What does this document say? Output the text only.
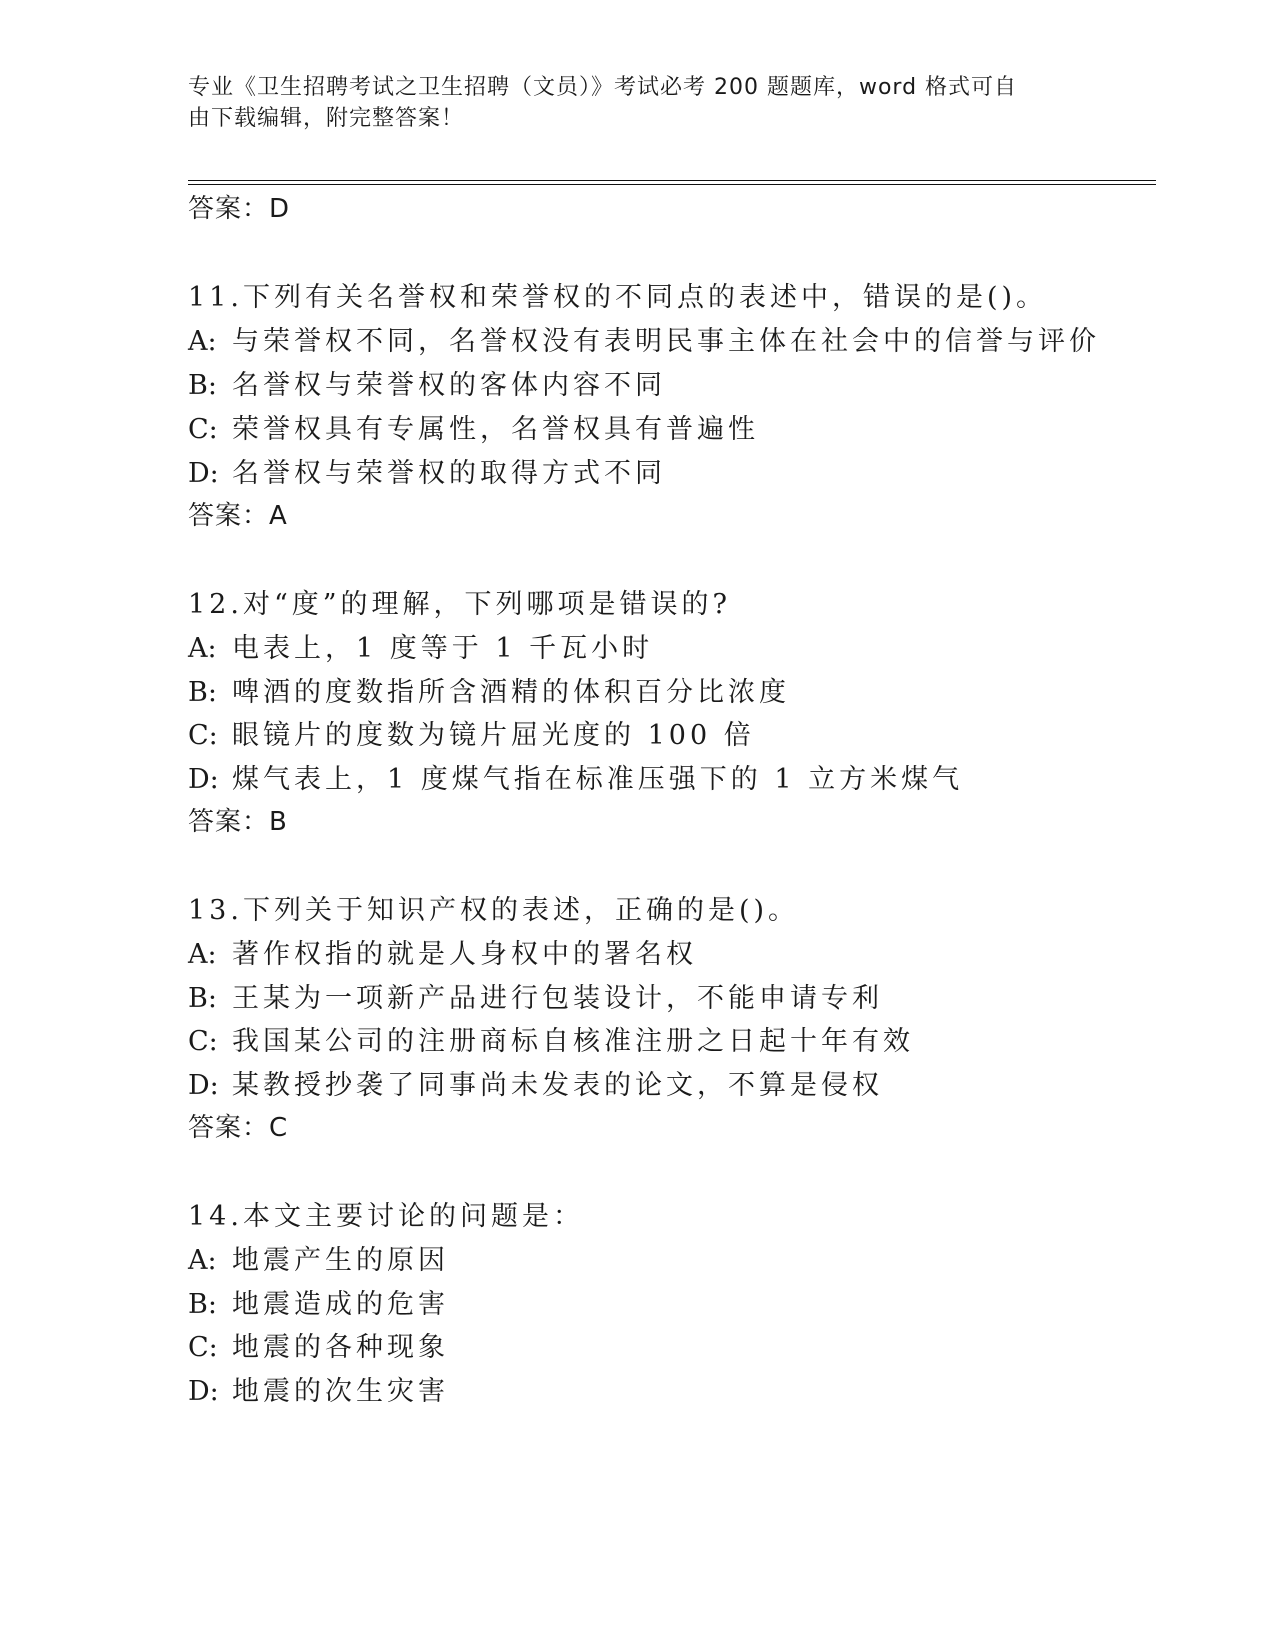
专业《卫生招聘考试之卫生招聘（文员）》考试必考 200 题题库，word 格式可自
由下载编辑，附完整答案！
答案：D
11.下列有关名誉权和荣誉权的不同点的表述中，错误的是()。
A: 与荣誉权不同，名誉权没有表明民事主体在社会中的信誉与评价
B: 名誉权与荣誉权的客体内容不同
C: 荣誉权具有专属性，名誉权具有普遍性
D: 名誉权与荣誉权的取得方式不同
答案：A
12.对“度”的理解，下列哪项是错误的?
A: 电表上，1 度等于 1 千瓦小时
B: 啤酒的度数指所含酒精的体积百分比浓度
C: 眼镜片的度数为镜片屈光度的 100 倍
D: 煤气表上，1 度煤气指在标准压强下的 1 立方米煤气
答案：B
13.下列关于知识产权的表述，正确的是()。
A: 著作权指的就是人身权中的署名权
B: 王某为一项新产品进行包装设计，不能申请专利
C: 我国某公司的注册商标自核准注册之日起十年有效
D: 某教授抄袭了同事尚未发表的论文，不算是侵权
答案：C
14.本文主要讨论的问题是：
A: 地震产生的原因
B: 地震造成的危害
C: 地震的各种现象
D: 地震的次生灾害
